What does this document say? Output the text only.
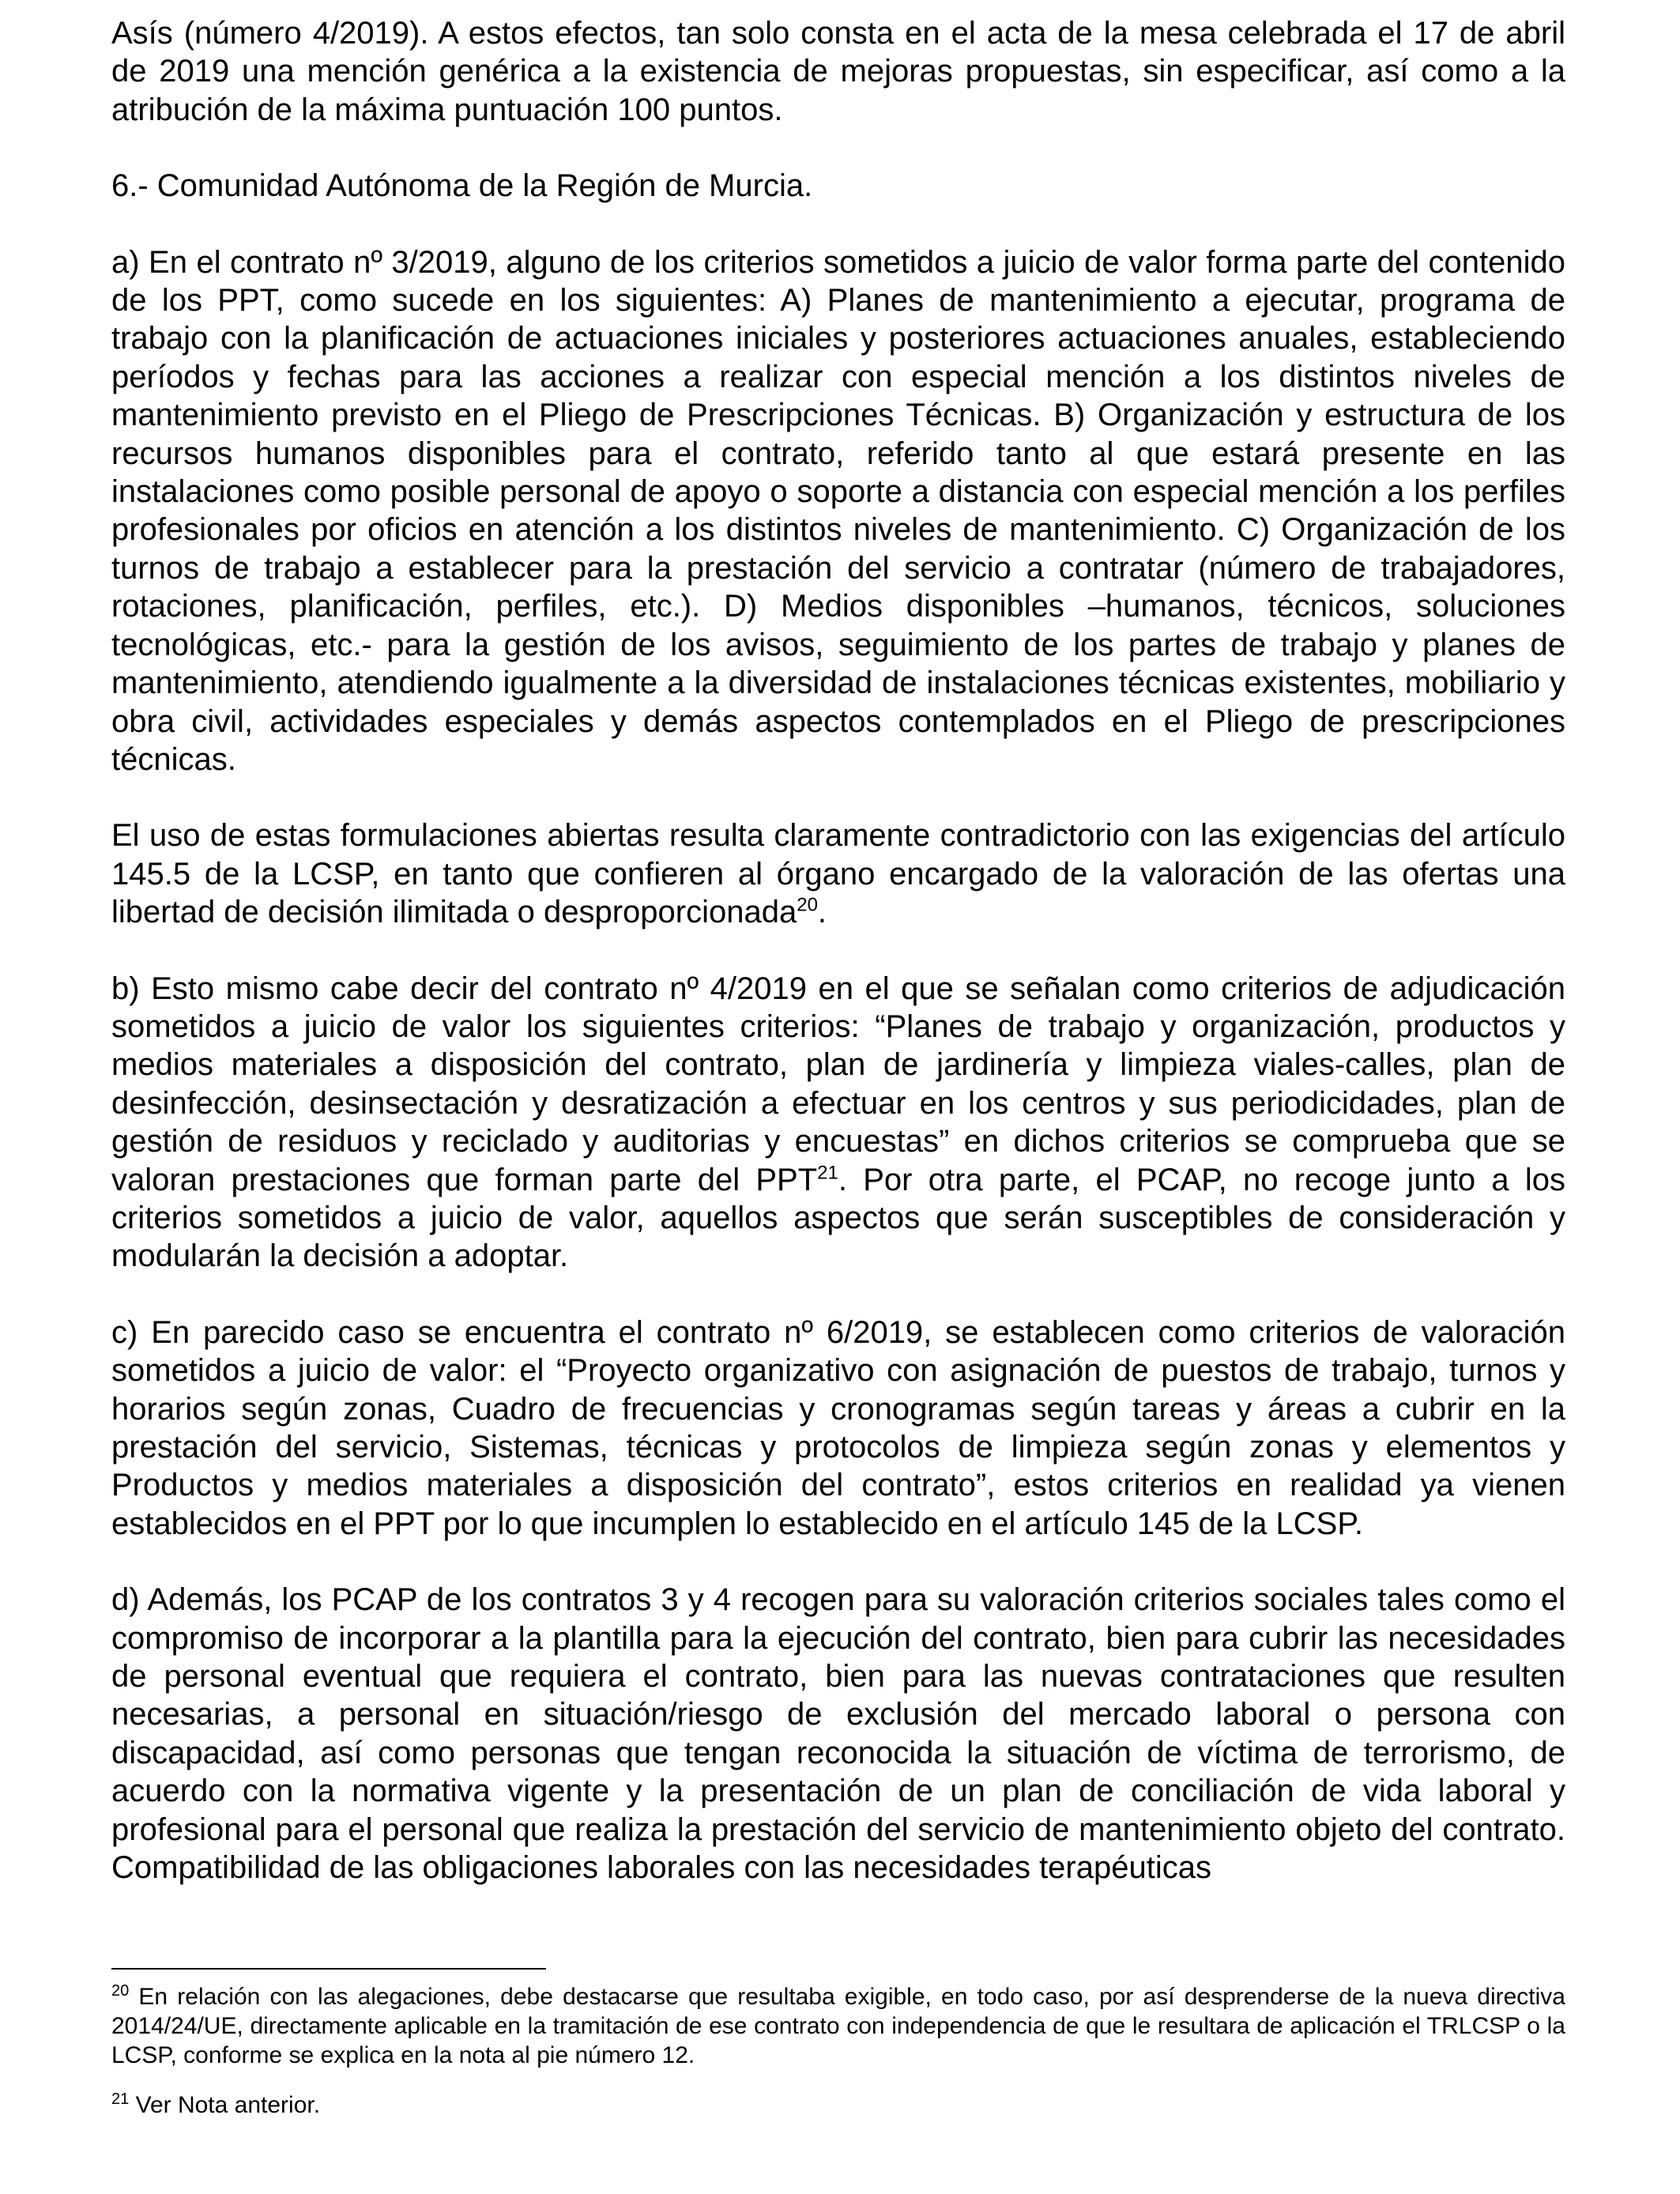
Asís (número 4/2019). A estos efectos, tan solo consta en el acta de la mesa celebrada el 17 de abril de 2019 una mención genérica a la existencia de mejoras propuestas, sin especificar, así como a la atribución de la máxima puntuación 100 puntos.

6.- Comunidad Autónoma de la Región de Murcia.

a) En el contrato nº 3/2019, alguno de los criterios sometidos a juicio de valor forma parte del contenido de los PPT, como sucede en los siguientes: A) Planes de mantenimiento a ejecutar, programa de trabajo con la planificación de actuaciones iniciales y posteriores actuaciones anuales, estableciendo períodos y fechas para las acciones a realizar con especial mención a los distintos niveles de mantenimiento previsto en el Pliego de Prescripciones Técnicas. B) Organización y estructura de los recursos humanos disponibles para el contrato, referido tanto al que estará presente en las instalaciones como posible personal de apoyo o soporte a distancia con especial mención a los perfiles profesionales por oficios en atención a los distintos niveles de mantenimiento. C) Organización de los turnos de trabajo a establecer para la prestación del servicio a contratar (número de trabajadores, rotaciones, planificación, perfiles, etc.). D) Medios disponibles –humanos, técnicos, soluciones tecnológicas, etc.- para la gestión de los avisos, seguimiento de los partes de trabajo y planes de mantenimiento, atendiendo igualmente a la diversidad de instalaciones técnicas existentes, mobiliario y obra civil, actividades especiales y demás aspectos contemplados en el Pliego de prescripciones técnicas.

El uso de estas formulaciones abiertas resulta claramente contradictorio con las exigencias del artículo 145.5 de la LCSP, en tanto que confieren al órgano encargado de la valoración de las ofertas una libertad de decisión ilimitada o desproporcionada$^{20}$.

b) Esto mismo cabe decir del contrato nº 4/2019 en el que se señalan como criterios de adjudicación sometidos a juicio de valor los siguientes criterios: “Planes de trabajo y organización, productos y medios materiales a disposición del contrato, plan de jardinería y limpieza viales-calles, plan de desinfección, desinsectación y desratización a efectuar en los centros y sus periodicidades, plan de gestión de residuos y reciclado y auditorias y encuestas” en dichos criterios se comprueba que se valoran prestaciones que forman parte del PPT$^{21}$. Por otra parte, el PCAP, no recoge junto a los criterios sometidos a juicio de valor, aquellos aspectos que serán susceptibles de consideración y modularán la decisión a adoptar.

c) En parecido caso se encuentra el contrato nº 6/2019, se establecen como criterios de valoración sometidos a juicio de valor: el “Proyecto organizativo con asignación de puestos de trabajo, turnos y horarios según zonas, Cuadro de frecuencias y cronogramas según tareas y áreas a cubrir en la prestación del servicio, Sistemas, técnicas y protocolos de limpieza según zonas y elementos y Productos y medios materiales a disposición del contrato”, estos criterios en realidad ya vienen establecidos en el PPT por lo que incumplen lo establecido en el artículo 145 de la LCSP.

d) Además, los PCAP de los contratos 3 y 4 recogen para su valoración criterios sociales tales como el compromiso de incorporar a la plantilla para la ejecución del contrato, bien para cubrir las necesidades de personal eventual que requiera el contrato, bien para las nuevas contrataciones que resulten necesarias, a personal en situación/riesgo de exclusión del mercado laboral o persona con discapacidad, así como personas que tengan reconocida la situación de víctima de terrorismo, de acuerdo con la normativa vigente y la presentación de un plan de conciliación de vida laboral y profesional para el personal que realiza la prestación del servicio de mantenimiento objeto del contrato. Compatibilidad de las obligaciones laborales con las necesidades terapéuticas

$^{20}$ En relación con las alegaciones, debe destacarse que resultaba exigible, en todo caso, por así desprenderse de la nueva directiva 2014/24/UE, directamente aplicable en la tramitación de ese contrato con independencia de que le resultara de aplicación el TRLCSP o la LCSP, conforme se explica en la nota al pie número 12.

$^{21}$ Ver Nota anterior.
